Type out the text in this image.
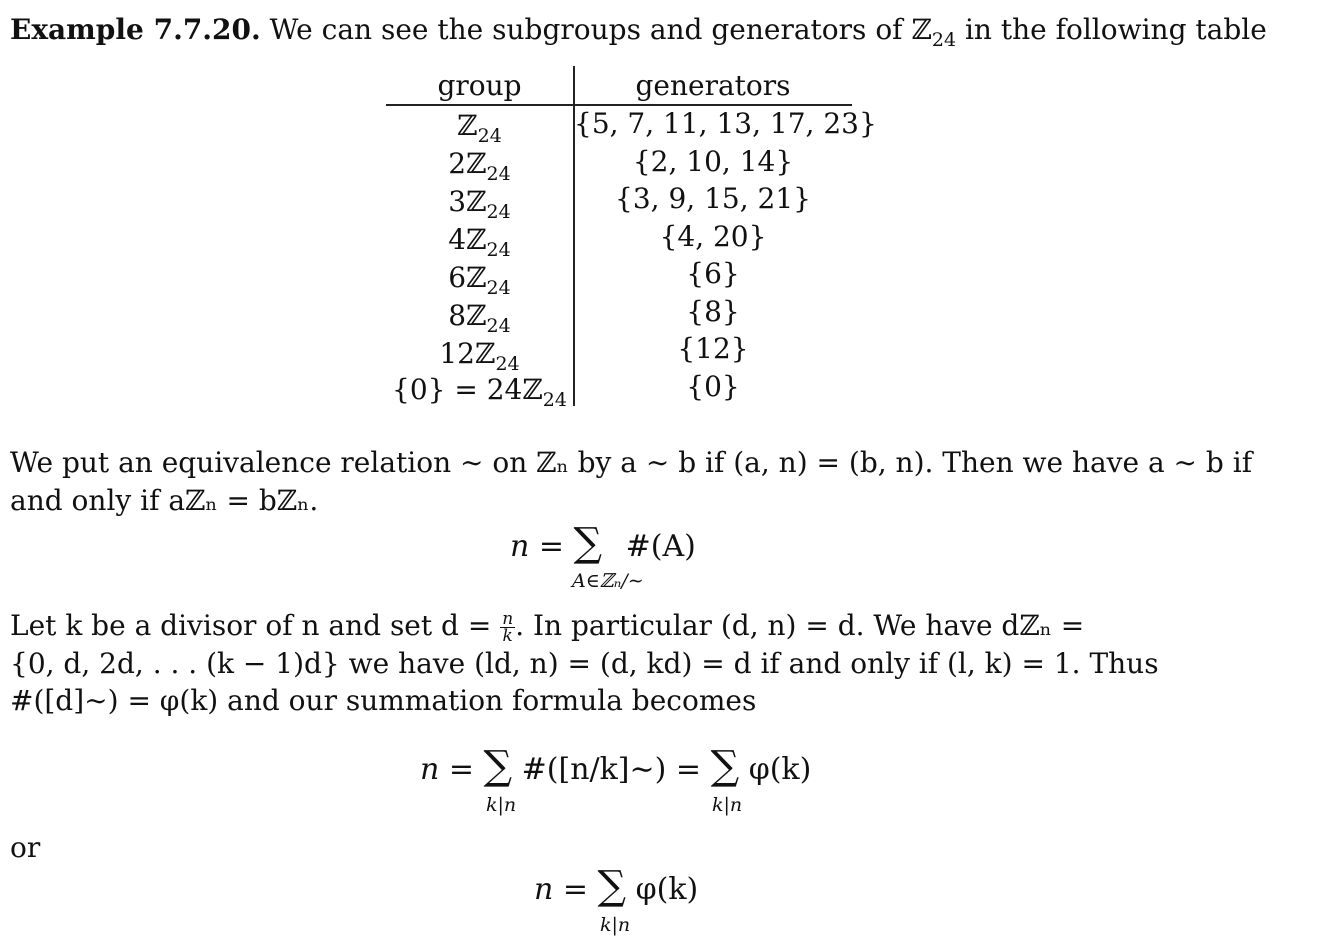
Example 7.7.20. We can see the subgroups and generators of ℤ$_{24}$ in the following table
group	generators
ℤ$_{24}$	{5, 7, 11, 13, 17, 23}
2ℤ$_{24}$	{2, 10, 14}
3ℤ$_{24}$	{3, 9, 15, 21}
4ℤ$_{24}$	{4, 20}
6ℤ$_{24}$	{6}
8ℤ$_{24}$	{8}
12ℤ$_{24}$	{12}
{0} = 24ℤ$_{24}$	{0}
We put an equivalence relation ∼ on ℤₙ by a ∼ b if (a, n) = (b, n). Then we have a ∼ b if
and only if aℤₙ = bℤₙ.
n = ∑ #(A)
A∈ℤₙ/∼
Let k be a divisor of n and set $d = \frac{n}{k}$ . In particular (d, n) = d. We have dℤₙ =
{0, d, 2d, . . . (k − 1)d} we have (ld, n) = (d, kd) = d if and only if (l, k) = 1. Thus
#([d]∼) = φ(k) and our summation formula becomes
n = ∑ #([n/k]∼) = ∑ φ(k)
k|n	k|n
or
n = ∑ φ(k)
k|n
